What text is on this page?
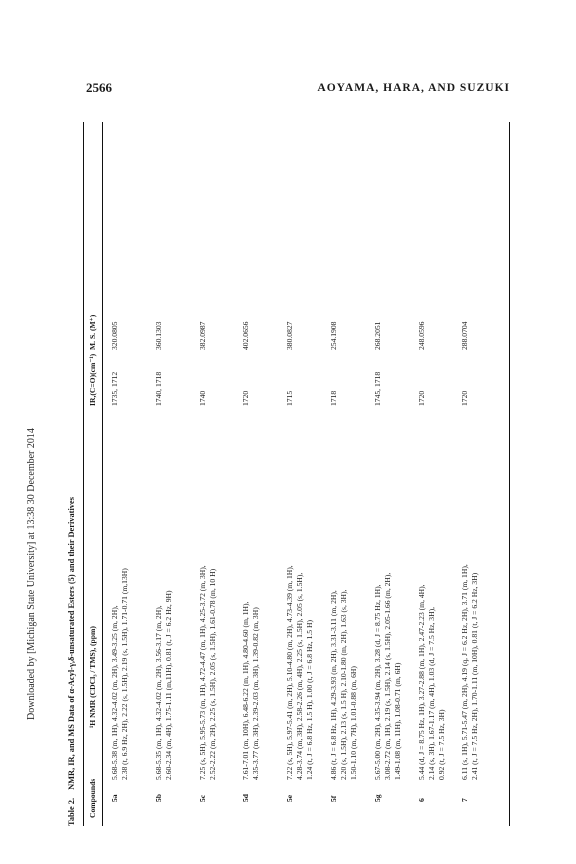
2566	AOYAMA, HARA, AND SUZUKI
Downloaded by [Michigan State University] at 13:38 30 December 2014
Table 2.NMR, IR, and MS Data of α-Acyl-γ,δ-unsaturated Esters (5) and their Derivatives
Compounds
¹H NMR (CDCl₃ / TMS), (ppm)
IR,(C=O)(cm⁻¹)
M. S. (M⁺)
5a
5.68-5.38 (m, 1H), 4.32-4.02 (m, 2H), 3.49-3.25 (m, 2H), 2.38 (t, 6.9 Hz, 2H), 2.22 (s, 1.5H), 2.19 (s, 1.5H), 1.71-0.71 (m,13H)
1735, 1712
320.0805
5b
5.68-5.35 (m, 1H), 4.32-4.02 (m, 2H), 3.56-3.17 (m, 2H), 2.60-2.34 (m, 4H), 1.75-1.11 (m,11H), 0.81 (t, J = 6.2 Hz, 9H)
1740, 1718
360.1303
5c
7.25 (s, 5H), 5.95-5.73 (m, 1H), 4.72-4.47 (m, 1H), 4.25-3.72 (m, 3H), 2.52-2.22 (m, 2H), 2.25 (s, 1.5H), 2.05 (s, 1.5H), 1.61-0.78 (m, 10 H)
1740
382.0987
5d
7.61-7.01 (m, 10H), 6.48-6.22 (m, 1H), 4.80-4.60 (m, 1H), 4.35-3.77 (m, 3H), 2.39-2.03 (m, 3H), 1.39-0.82 (m, 3H)
1720
402.0656
5e
7.22 (s, 5H), 5.97-5.41 (m, 2H), 5.10-4.80 (m, 2H), 4.73-4.39 (m, 1H), 4.28-3.74 (m, 3H), 2.58-2.26 (m, 4H), 2.25 (s, 1.5H), 2.05 (s, 1.5H), 1.24 (t, J = 6.8 Hz, 1.5 H), 1.00 (t, J = 6.8 Hz, 1.5 H)
1715
380.0827
5f
4.86 (t, J = 6.8 Hz, 1H), 4.29-3.93 (m, 2H), 3.31-3.11 (m, 2H), 2.20 (s, 1.5H), 2.13 (s, 1.5 H), 2.10-1.80 (m, 2H), 1.63 (s, 3H), 1.50-1.10 (m, 7H), 1.01-0.88 (m, 6H)
1718
254.1908
5g
5.67-5.00 (m, 2H), 4.35-3.94 (m, 2H), 3.28 (d, J = 8.75 Hz, 1H), 3.08-2.72 (m, 1H), 2.19 (s, 1.5H), 2.14 (s, 1.5H), 2.05-1.66 (m, 2H), 1.49-1.08 (m, 11H), 1.08-0.71 (m, 6H)
1745, 1718
268.2051
6
5.44 (d, J = 8.75 Hz, 1H), 3.27-2.88 (m, 1H), 2.47-2.23 (m, 4H), 2.14 (s, 3H), 1.67-1.17 (m, 4H), 1.03 (d, J = 7.5 Hz, 3H), 0.92 (t, J = 7.5 Hz, 3H)
1720
248.0596
7
6.11 (s, 1H), 5.71-5.47 (m, 2H), 4.19 (q, J = 6.2 Hz, 2H), 3.71 (m, 1H), 2.41 (t, J = 7.5 Hz, 2H), 1.70-1.11 (m, 10H), 0.81 (t, J = 6.2 Hz, 3H)
1720
288.0704
